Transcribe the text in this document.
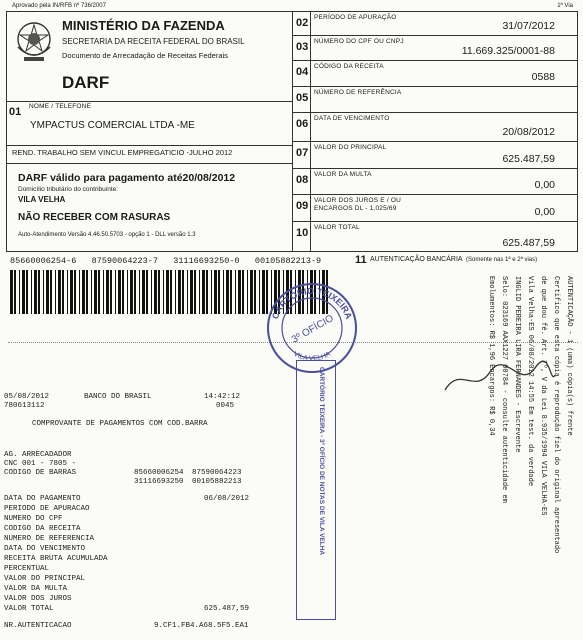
Aprovado pela IN/RFB nº 736/2007	1ª Via
MINISTÉRIO DA FAZENDA
SECRETARIA DA RECEITA FEDERAL DO BRASIL
Documento de Arrecadação de Receitas Federais
DARF
01 NOME / TELEFONE
YMPACTUS COMERCIAL LTDA -ME
REND. TRABALHO SEM VINCUL EMPREGATICIO -JULHO 2012
DARF válido para pagamento até20/08/2012
Domicílio tributário do contribuinte:
VILA VELHA
NÃO RECEBER COM RASURAS
Auto-Atendimento Versão 4.46.50.5703 - opção 1 - DLL versão 1.3
02 PERÍODO DE APURAÇÃO
31/07/2012
03 NÚMERO DO CPF OU CNPJ
11.669.325/0001-88
04 CÓDIGO DA RECEITA
0588
05 NÚMERO DE REFERÊNCIA
06 DATA DE VENCIMENTO
20/08/2012
07 VALOR DO PRINCIPAL
625.487,59
08 VALOR DA MULTA
0,00
09 VALOR DOS JUROS E / OU ENCARGOS DL - 1.025/69	0,00
10 VALOR TOTAL
625.487,59
85660006254-6   87590064223-7   31116693250-0   00105882213-9	11 AUTENTICAÇÃO BANCÁRIA (Somente nas 1ª e 2ª vias)
05/08/2012	BANCO DO BRASIL	14:42:12
780613112	0045
COMPROVANTE DE PAGAMENTOS COM COD.BARRA
AG. ARRECADADOR
CNC 001 - 7805 -
CODIGO DE BARRAS	85660006254 87590064223
31116693250 00105882213
DATA DO PAGAMENTO	06/08/2012
PERIODO DE APURACAO
NUMERO DO CPF
CODIGO DA RECEITA
NUMERO DE REFERENCIA
DATA DO VENCIMENTO
RECEITA BRUTA ACUMULADA
PERCENTUAL
VALOR DO PRINCIPAL
VALOR DA MULTA
VALOR DOS JUROS
VALOR TOTAL	625.487,59
NR.AUTENTICACAO	9.CF1.FB4.A68.5F5.EA1
CARTÓRIO TEIXEIRA
3º OFÍCIO
VILA VELHA
CARTÓRIO TEIXEIRA - 3º OFÍCIO DE NOTAS DE VILA VELHA
AUTENTICAÇÃO - 1 (uma) cópia(s) frente
Certifico que esta cópia é reprodução fiel do original apresentado
de que dou fé. Art. 7º, V da Lei 8.935/1994 VILA VELHA-ES
Vila Velha-ES 06/08/2012 14:55 Em test. da verdade
INGLID PEREIRA LIRA FERNANDES - Escrevente
Selo: 023169 AAX1227 00784 - consulte autenticidade em
Emolumentos: R$ 1,96 Encargos: R$ 0,34
